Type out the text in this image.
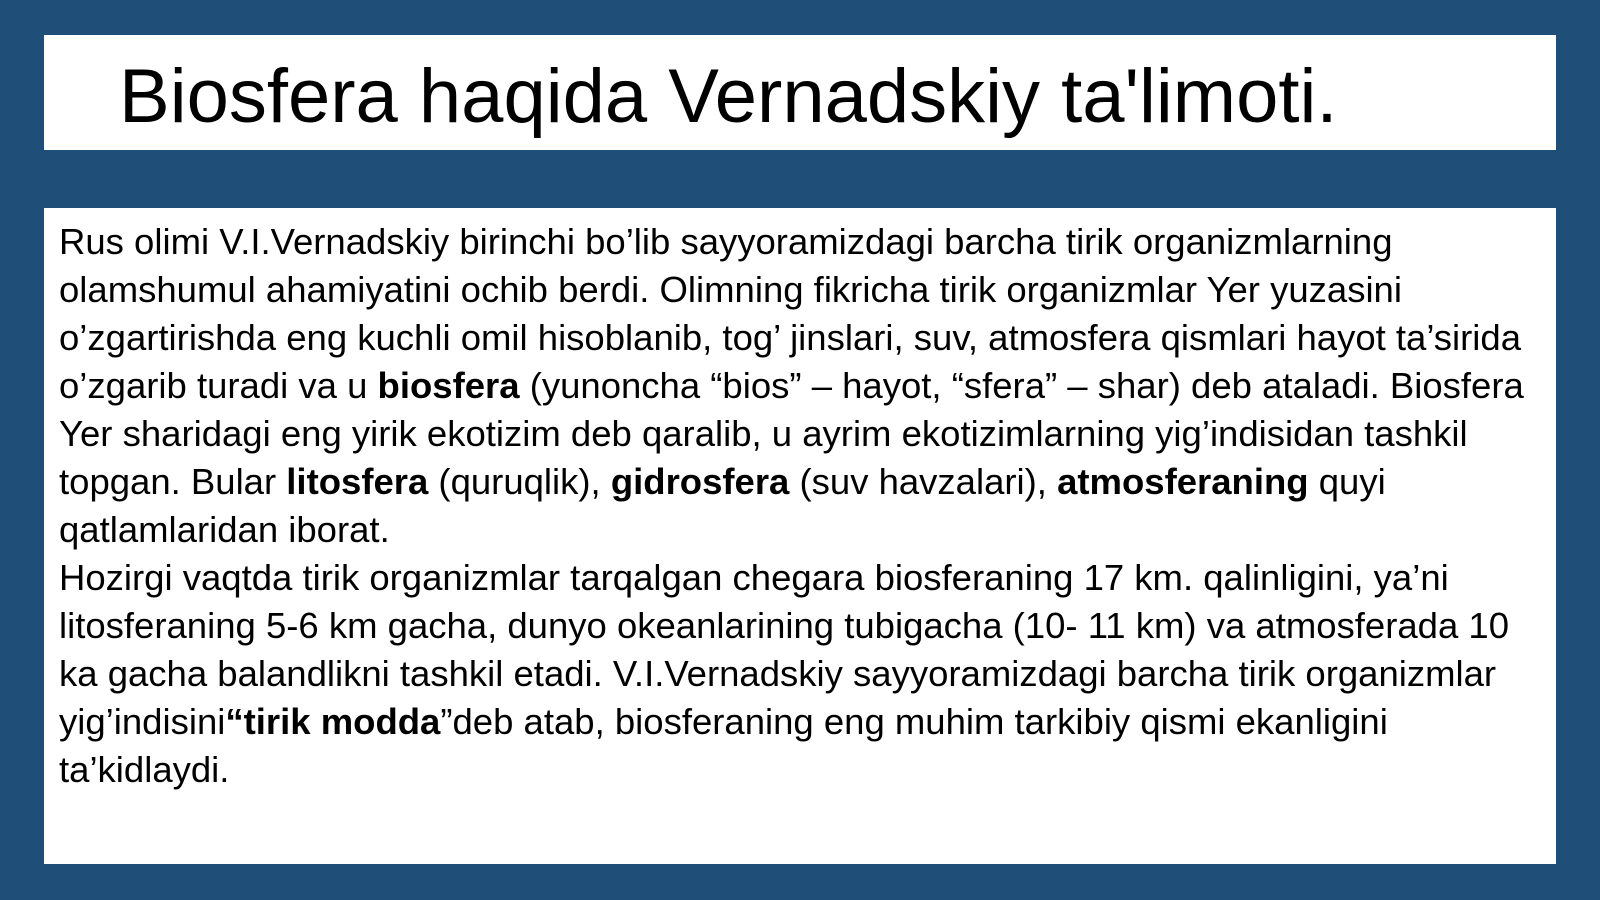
Biosfera haqida Vernadskiy ta'limoti.

Rus olimi V.I.Vernadskiy birinchi bo’lib sayyoramizdagi barcha tirik organizmlarning olamshumul ahamiyatini ochib berdi. Olimning fikricha tirik organizmlar Yer yuzasini o’zgartirishda eng kuchli omil hisoblanib, tog’ jinslari, suv, atmosfera qismlari hayot ta’sirida o’zgarib turadi va u biosfera (yunoncha “bios” – hayot, “sfera” – shar) deb ataladi. Biosfera Yer sharidagi eng yirik ekotizim deb qaralib, u ayrim ekotizimlarning yig’indisidan tashkil topgan. Bular litosfera (quruqlik), gidrosfera (suv havzalari), atmosferaning quyi qatlamlaridan iborat.

Hozirgi vaqtda tirik organizmlar tarqalgan chegara biosferaning 17 km. qalinligini, ya’ni litosferaning 5-6 km gacha, dunyo okeanlarining tubigacha (10- 11 km) va atmosferada 10 ka gacha balandlikni tashkil etadi. V.I.Vernadskiy sayyoramizdagi barcha tirik organizmlar yig’indisini“tirik modda”deb atab, biosferaning eng muhim tarkibiy qismi ekanligini ta’kidlaydi.
